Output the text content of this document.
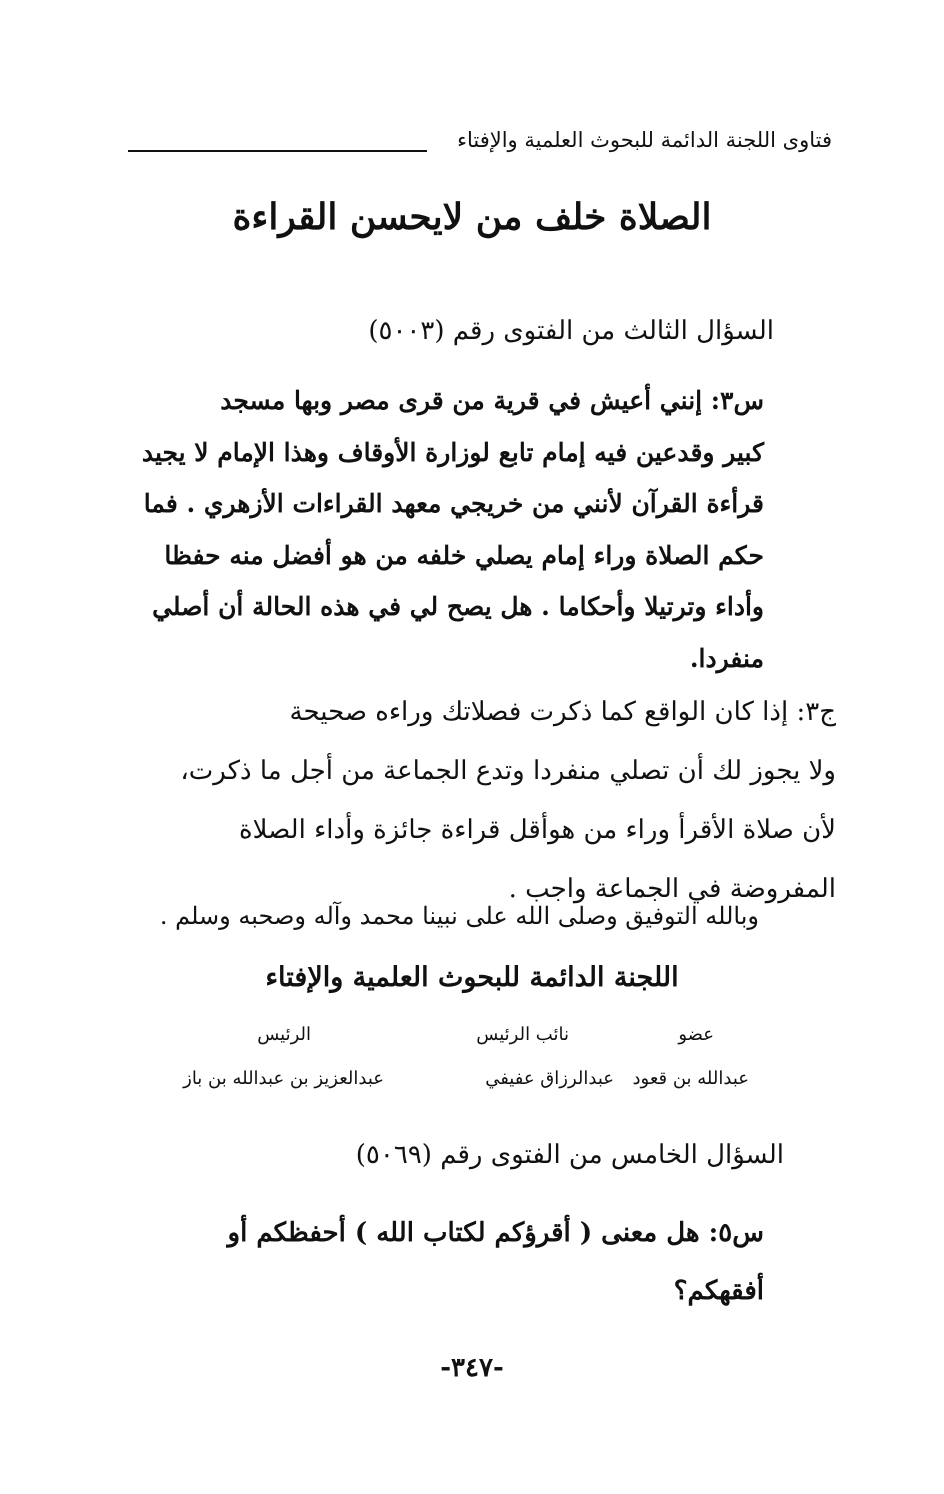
فتاوى اللجنة الدائمة للبحوث العلمية والإفتاء
الصلاة خلف من لايحسن القراءة
السؤال الثالث من الفتوى رقم (٥٠٠٣)
س٣: إنني أعيش في قرية من قرى مصر وبها مسجد
كبير وقدعين فيه إمام تابع لوزارة الأوقاف وهذا الإمام لا يجيد
قرأءة القرآن لأنني من خريجي معهد القراءات الأزهري . فما
حكم الصلاة وراء إمام يصلي خلفه من هو أفضل منه حفظا
وأداء وترتيلا وأحكاما . هل يصح لي في هذه الحالة أن أصلي
منفردا.
ج٣: إذا كان الواقع كما ذكرت فصلاتك وراءه صحيحة
ولا يجوز لك أن تصلي منفردا وتدع الجماعة من أجل ما ذكرت،
لأن صلاة الأقرأ وراء من هوأقل قراءة جائزة وأداء الصلاة
المفروضة في الجماعة واجب .
وبالله التوفيق وصلى الله على نبينا محمد وآله وصحبه وسلم .
اللجنة الدائمة للبحوث العلمية والإفتاء
عضو
عبدالله بن قعود
نائب الرئيس
عبدالرزاق عفيفي
الرئيس
عبدالعزيز بن عبدالله بن باز
السؤال الخامس من الفتوى رقم (٥٠٦٩)
س٥: هل معنى ( أقرؤكم لكتاب الله ) أحفظكم أو
أفقهكم؟
-٣٤٧-
